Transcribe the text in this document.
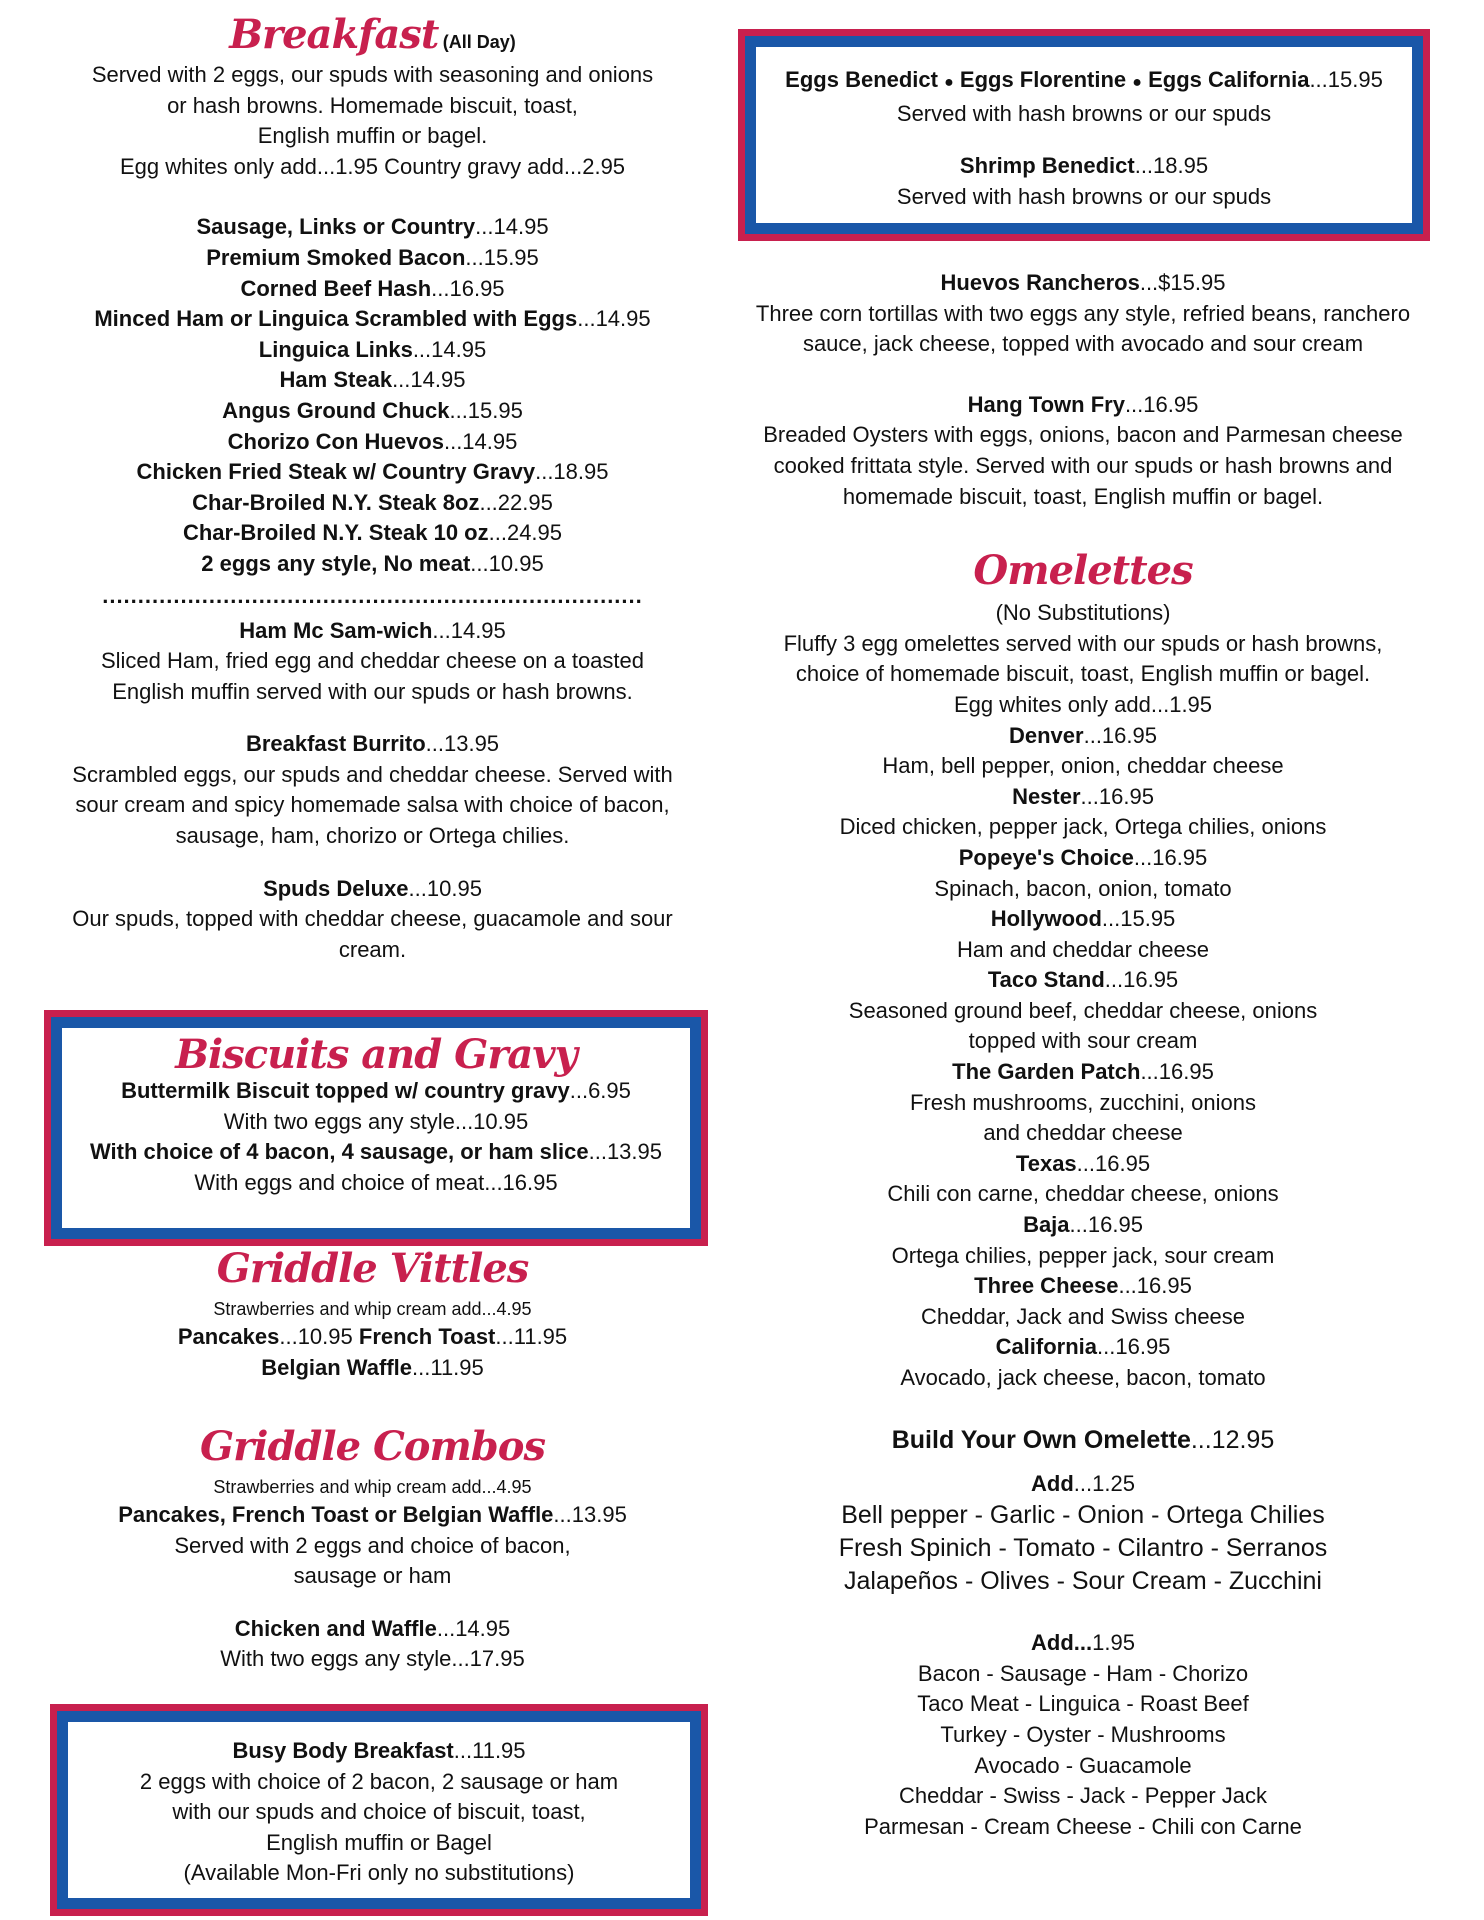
Breakfast (All Day)

Served with 2 eggs, our spuds with seasoning and onions

or hash browns. Homemade biscuit, toast,

English muffin or bagel.

Egg whites only add...1.95 Country gravy add...2.95

Sausage, Links or Country...14.95

Premium Smoked Bacon...15.95

Corned Beef Hash...16.95

Minced Ham or Linguica Scrambled with Eggs...14.95

Linguica Links...14.95

Ham Steak...14.95

Angus Ground Chuck...15.95

Chorizo Con Huevos...14.95

Chicken Fried Steak w/ Country Gravy...18.95

Char-Broiled N.Y. Steak 8oz...22.95

Char-Broiled N.Y. Steak 10 oz...24.95

2 eggs any style, No meat...10.95

............................................................................

Ham Mc Sam-wich...14.95

Sliced Ham, fried egg and cheddar cheese on a toasted

English muffin served with our spuds or hash browns.

Breakfast Burrito...13.95

Scrambled eggs, our spuds and cheddar cheese. Served with

sour cream and spicy homemade salsa with choice of bacon,

sausage, ham, chorizo or Ortega chilies.

Spuds Deluxe...10.95

Our spuds, topped with cheddar cheese, guacamole and sour

cream.

Biscuits and Gravy

Buttermilk Biscuit topped w/ country gravy...6.95

With two eggs any style...10.95

With choice of 4 bacon, 4 sausage, or ham slice...13.95

With eggs and choice of meat...16.95

Griddle Vittles

Strawberries and whip cream add...4.95

Pancakes...10.95 French Toast...11.95

Belgian Waffle...11.95

Griddle Combos

Strawberries and whip cream add...4.95

Pancakes, French Toast or Belgian Waffle...13.95

Served with 2 eggs and choice of bacon,

sausage or ham

Chicken and Waffle...14.95

With two eggs any style...17.95

Busy Body Breakfast...11.95

2 eggs with choice of 2 bacon, 2 sausage or ham

with our spuds and choice of biscuit, toast,

English muffin or Bagel

(Available Mon-Fri only no substitutions)

Eggs Benedict ● Eggs Florentine ● Eggs California...15.95

Served with hash browns or our spuds

Shrimp Benedict...18.95

Served with hash browns or our spuds

Huevos Rancheros...$15.95

Three corn tortillas with two eggs any style, refried beans, ranchero

sauce, jack cheese, topped with avocado and sour cream

Hang Town Fry...16.95

Breaded Oysters with eggs, onions, bacon and Parmesan cheese

cooked frittata style. Served with our spuds or hash browns and

homemade biscuit, toast, English muffin or bagel.

Omelettes

(No Substitutions)

Fluffy 3 egg omelettes served with our spuds or hash browns,

choice of homemade biscuit, toast, English muffin or bagel.

Egg whites only add...1.95

Denver...16.95

Ham, bell pepper, onion, cheddar cheese

Nester...16.95

Diced chicken, pepper jack, Ortega chilies, onions

Popeye's Choice...16.95

Spinach, bacon, onion, tomato

Hollywood...15.95

Ham and cheddar cheese

Taco Stand...16.95

Seasoned ground beef, cheddar cheese, onions

topped with sour cream

The Garden Patch...16.95

Fresh mushrooms, zucchini, onions

and cheddar cheese

Texas...16.95

Chili con carne, cheddar cheese, onions

Baja...16.95

Ortega chilies, pepper jack, sour cream

Three Cheese...16.95

Cheddar, Jack and Swiss cheese

California...16.95

Avocado, jack cheese, bacon, tomato

Build Your Own Omelette...12.95

Add...1.25

Bell pepper - Garlic - Onion - Ortega Chilies

Fresh Spinich - Tomato - Cilantro - Serranos

Jalapeños - Olives - Sour Cream - Zucchini

Add...1.95

Bacon - Sausage - Ham - Chorizo

Taco Meat - Linguica - Roast Beef

Turkey - Oyster - Mushrooms

Avocado - Guacamole

Cheddar - Swiss - Jack - Pepper Jack

Parmesan - Cream Cheese - Chili con Carne
